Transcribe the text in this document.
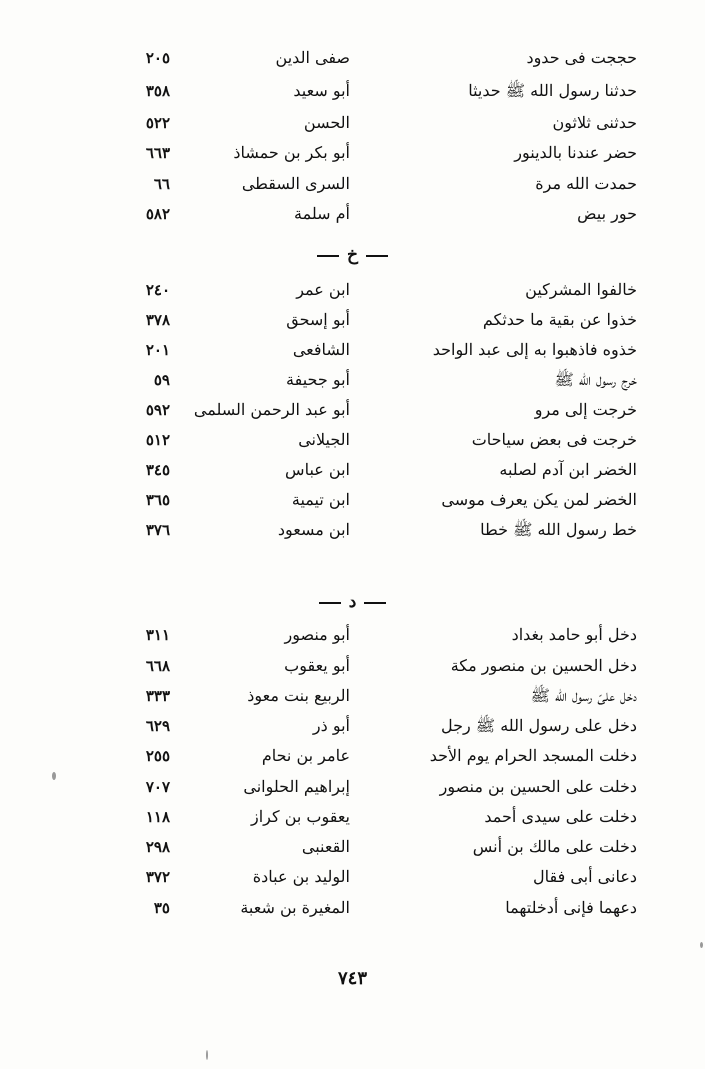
حججت فى حدود
صفى الدين
٢٠٥
حدثنا رسول الله ﷺ حديثا
أبو سعيد
٣٥٨
حدثنى ثلاثون
الحسن
٥٢٢
حضر عندنا بالدينور
أبو بكر بن حمشاذ
٦٦٣
حمدت الله مرة
السرى السقطى
٦٦
حور بيض
أم سلمة
٥٨٢
خ
خالفوا المشركين
ابن عمر
٢٤٠
خذوا عن بقية ما حدثكم
أبو إسحق
٣٧٨
خذوه فاذهبوا به إلى عبد الواحد
الشافعى
٢٠١
خرج رسول الله ﷺ
أبو جحيفة
٥٩
خرجت إلى مرو
أبو عبد الرحمن السلمى
٥٩٢
خرجت فى بعض سياحات
الجيلانى
٥١٢
الخضر ابن آدم لصلبه
ابن عباس
٣٤٥
الخضر لمن يكن يعرف موسى
ابن تيمية
٣٦٥
خط رسول الله ﷺ خطا
ابن مسعود
٣٧٦
د
دخل أبو حامد بغداد
أبو منصور
٣١١
دخل الحسين بن منصور مكة
أبو يعقوب
٦٦٨
دخل علىّ رسول الله ﷺ
الربيع بنت معوذ
٣٣٣
دخل على رسول الله ﷺ رجل
أبو ذر
٦٢٩
دخلت المسجد الحرام يوم الأحد
عامر بن نحام
٢٥٥
دخلت على الحسين بن منصور
إبراهيم الحلوانى
٧٠٧
دخلت على سيدى أحمد
يعقوب بن كراز
١١٨
دخلت على مالك بن أنس
القعنبى
٢٩٨
دعانى أبى فقال
الوليد بن عبادة
٣٧٢
دعهما فإنى أدخلتهما
المغيرة بن شعبة
٣٥
٧٤٣
